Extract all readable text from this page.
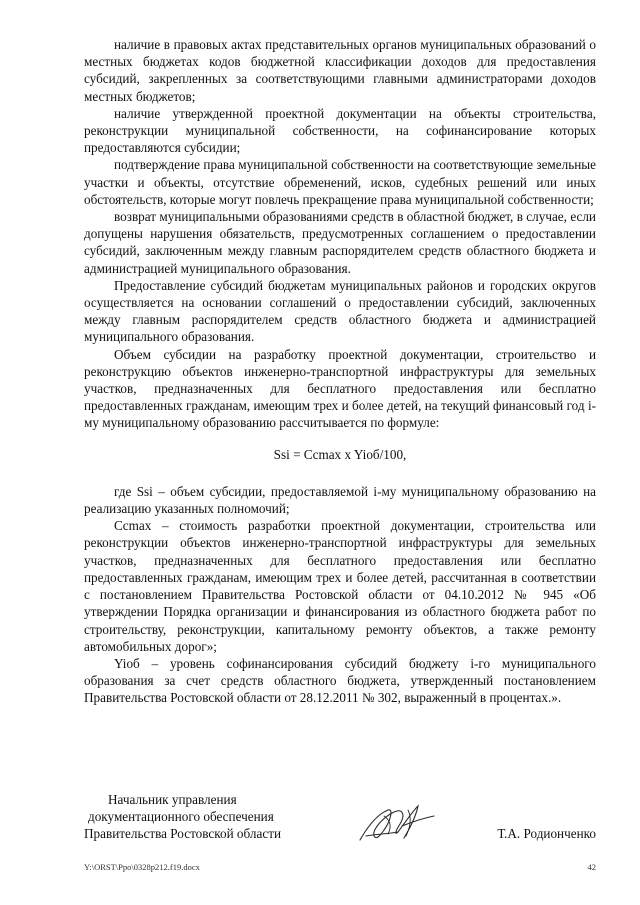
наличие в правовых актах представительных органов муниципальных образований о местных бюджетах кодов бюджетной классификации доходов для предоставления субсидий, закрепленных за соответствующими главными администраторами доходов местных бюджетов;

наличие утвержденной проектной документации на объекты строительства, реконструкции муниципальной собственности, на софинансирование которых предоставляются субсидии;

подтверждение права муниципальной собственности на соответствующие земельные участки и объекты, отсутствие обременений, исков, судебных решений или иных обстоятельств, которые могут повлечь прекращение права муниципальной собственности;

возврат муниципальными образованиями средств в областной бюджет, в случае, если допущены нарушения обязательств, предусмотренных соглашением о предоставлении субсидий, заключенным между главным распорядителем средств областного бюджета и администрацией муниципального образования.

Предоставление субсидий бюджетам муниципальных районов и городских округов осуществляется на основании соглашений о предоставлении субсидий, заключенных между главным распорядителем средств областного бюджета и администрацией муниципального образования.

Объем субсидии на разработку проектной документации, строительство и реконструкцию объектов инженерно-транспортной инфраструктуры для земельных участков, предназначенных для бесплатного предоставления или бесплатно предоставленных гражданам, имеющим трех и более детей, на текущий финансовый год i-му муниципальному образованию рассчитывается по формуле:

Ssi = Ccmax x Yioб/100,

где Ssi – объем субсидии, предоставляемой i-му муниципальному образованию на реализацию указанных полномочий;

Ccmax – стоимость разработки проектной документации, строительства или реконструкции объектов инженерно-транспортной инфраструктуры для земельных участков, предназначенных для бесплатного предоставления или бесплатно предоставленных гражданам, имеющим трех и более детей, рассчитанная в соответствии с постановлением Правительства Ростовской области от 04.10.2012 № 945 «Об утверждении Порядка организации и финансирования из областного бюджета работ по строительству, реконструкции, капитальному ремонту объектов, а также ремонту автомобильных дорог»;

Yioб – уровень софинансирования субсидий бюджету i-го муниципального образования за счет средств областного бюджета, утвержденный постановлением Правительства Ростовской области от 28.12.2011 № 302, выраженный в процентах.».

Начальник управления
документационного обеспечения
Правительства Ростовской области	Т.А. Родионченко
Y:\ORST\Ppo\0328p212.f19.docx	42
